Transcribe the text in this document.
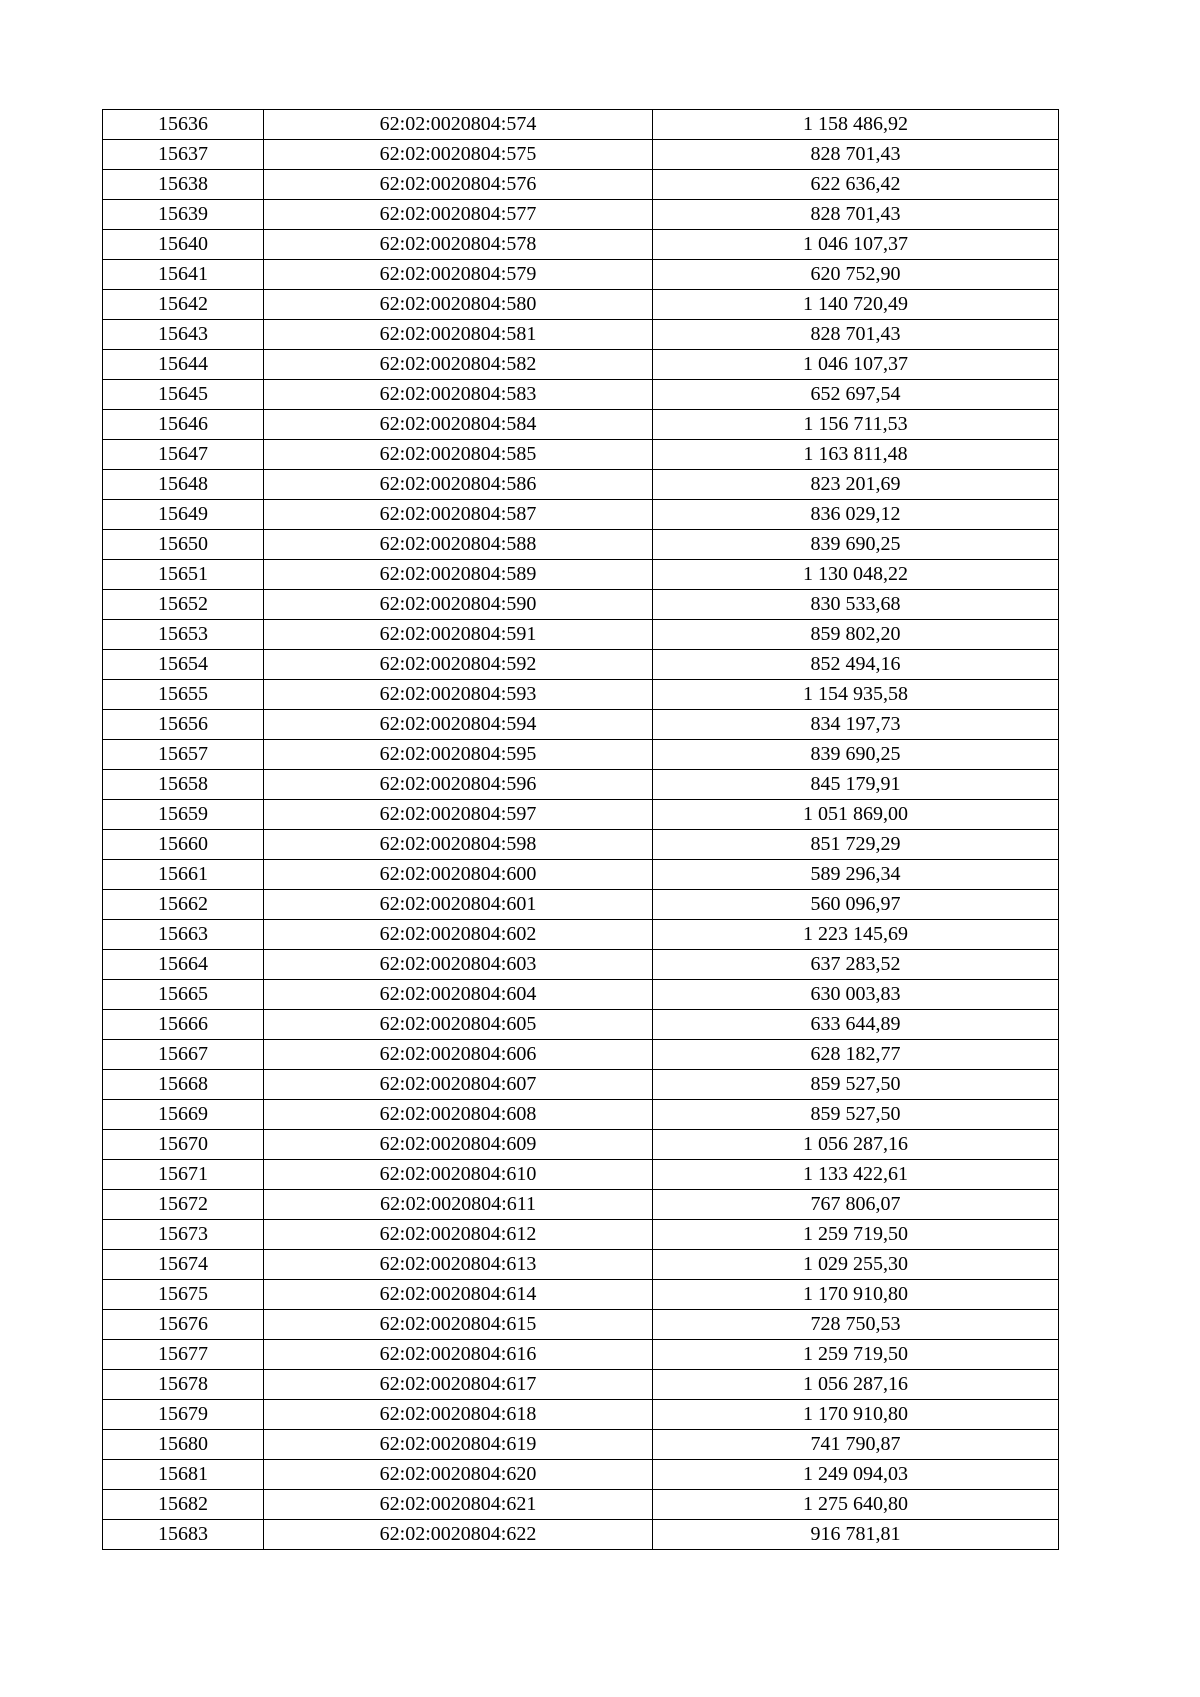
15636	62:02:0020804:574	1 158 486,92
15637	62:02:0020804:575	828 701,43
15638	62:02:0020804:576	622 636,42
15639	62:02:0020804:577	828 701,43
15640	62:02:0020804:578	1 046 107,37
15641	62:02:0020804:579	620 752,90
15642	62:02:0020804:580	1 140 720,49
15643	62:02:0020804:581	828 701,43
15644	62:02:0020804:582	1 046 107,37
15645	62:02:0020804:583	652 697,54
15646	62:02:0020804:584	1 156 711,53
15647	62:02:0020804:585	1 163 811,48
15648	62:02:0020804:586	823 201,69
15649	62:02:0020804:587	836 029,12
15650	62:02:0020804:588	839 690,25
15651	62:02:0020804:589	1 130 048,22
15652	62:02:0020804:590	830 533,68
15653	62:02:0020804:591	859 802,20
15654	62:02:0020804:592	852 494,16
15655	62:02:0020804:593	1 154 935,58
15656	62:02:0020804:594	834 197,73
15657	62:02:0020804:595	839 690,25
15658	62:02:0020804:596	845 179,91
15659	62:02:0020804:597	1 051 869,00
15660	62:02:0020804:598	851 729,29
15661	62:02:0020804:600	589 296,34
15662	62:02:0020804:601	560 096,97
15663	62:02:0020804:602	1 223 145,69
15664	62:02:0020804:603	637 283,52
15665	62:02:0020804:604	630 003,83
15666	62:02:0020804:605	633 644,89
15667	62:02:0020804:606	628 182,77
15668	62:02:0020804:607	859 527,50
15669	62:02:0020804:608	859 527,50
15670	62:02:0020804:609	1 056 287,16
15671	62:02:0020804:610	1 133 422,61
15672	62:02:0020804:611	767 806,07
15673	62:02:0020804:612	1 259 719,50
15674	62:02:0020804:613	1 029 255,30
15675	62:02:0020804:614	1 170 910,80
15676	62:02:0020804:615	728 750,53
15677	62:02:0020804:616	1 259 719,50
15678	62:02:0020804:617	1 056 287,16
15679	62:02:0020804:618	1 170 910,80
15680	62:02:0020804:619	741 790,87
15681	62:02:0020804:620	1 249 094,03
15682	62:02:0020804:621	1 275 640,80
15683	62:02:0020804:622	916 781,81
